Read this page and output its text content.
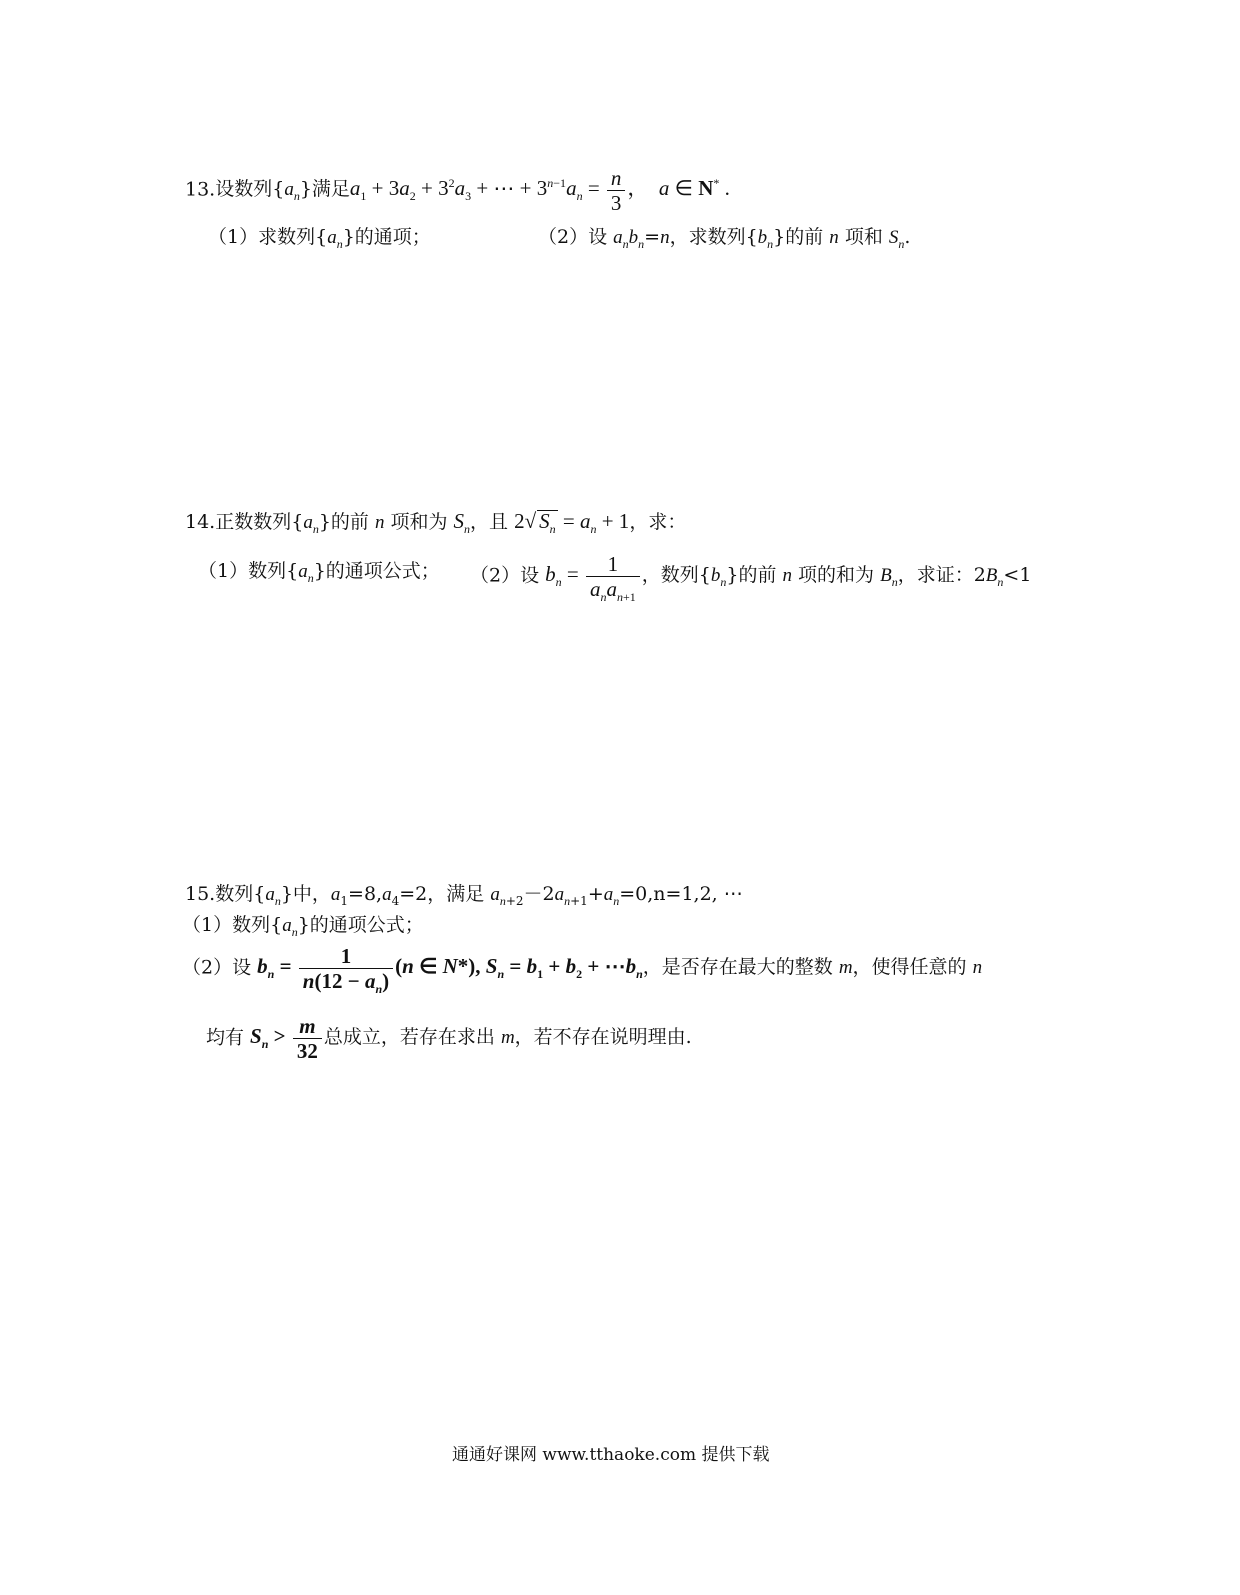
13.设数列$\{a_n\}$满足$a_1 + 3a_2 + 3^2a_3$ + ⋯ + $3^{n-1}a_n = \frac{n}{3}$ ，  a ∈ N* .
（1）求数列$\{a_n\}$的通项；	（2）设 $a_nb_n=n$，求数列$\{b_n\}$的前 n 项和 $S_n$.
14.正数数列$\{a_n\}$的前 n 项和为 $S_n$，且 2√ $S_n = a_n + 1$，求：
（1）数列$\{a_n\}$的通项公式； （2）设 $b_n = \frac{1}{a_na_{n+1}}$ ，数列$\{b_n\}$的前 n 项的和为 $B_n$，求证：$2B_n<1$
15.数列$\{a_n\}$中，$a_1=8,a_4=2$，满足 $a_{n+2}-2a_{n+1}+a_n=0,n=1,2$, ⋯
（1）数列$\{a_n\}$的通项公式；
（2）设 $b_n = \frac{1}{n(12 - a_n)} (n$ ∈ N*), $S_n = b_1 + b_2$ + $\cdots b_n$，是否存在最大的整数 m，使得任意的 n
均有 $S_n > \frac{m}{32}$ 总成立，若存在求出 m，若不存在说明理由.
通通好课网 www.tthaoke.com 提供下载
